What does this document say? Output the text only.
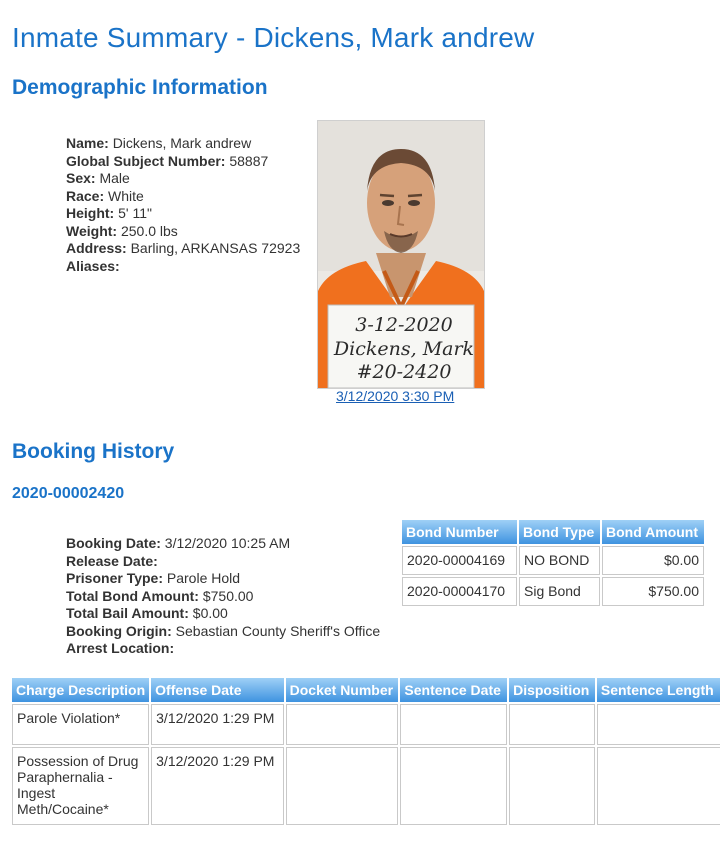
Inmate Summary - Dickens, Mark andrew
Demographic Information
Name: Dickens, Mark andrew
Global Subject Number: 58887
Sex: Male
Race: White
Height: 5' 11"
Weight: 250.0 lbs
Address: Barling, ARKANSAS 72923
Aliases:
3-12-2020
Dickens, Mark
#20-2420
3/12/2020 3:30 PM
Booking History
2020-00002420
Booking Date: 3/12/2020 10:25 AM
Release Date:
Prisoner Type: Parole Hold
Total Bond Amount: $750.00
Total Bail Amount: $0.00
Booking Origin: Sebastian County Sheriff's Office
Arrest Location:
Bond Number	Bond Type	Bond Amount
2020-00004169	NO BOND	$0.00
2020-00004170	Sig Bond	$750.00
Charge Description	Offense Date	Docket Number	Sentence Date	Disposition	Sentence Length
Parole Violation*	3/12/2020 1:29 PM				
Possession of Drug Paraphernalia - Ingest Meth/Cocaine*	3/12/2020 1:29 PM				
